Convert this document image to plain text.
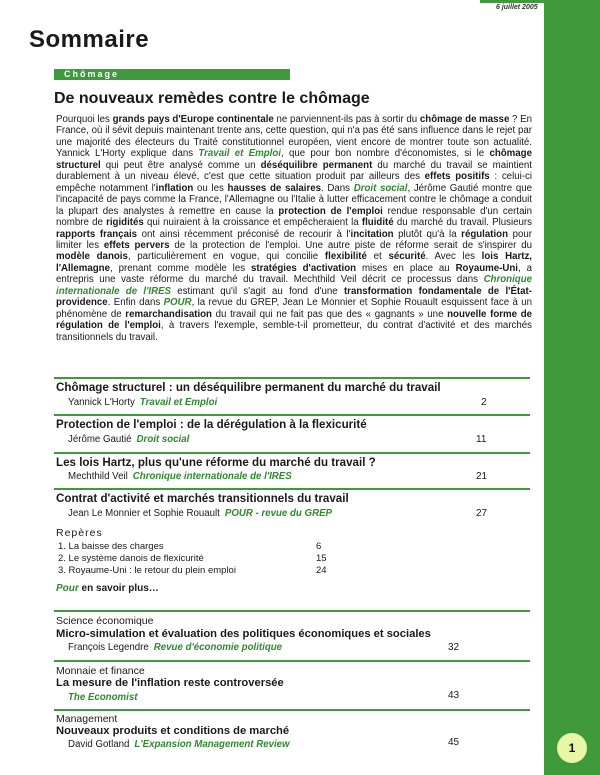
6 juillet 2005
Sommaire
Chômage
De nouveaux remèdes contre le chômage

Pourquoi les grands pays d'Europe continentale ne parviennent-ils pas à sortir du chômage de masse ? En France, où il sévit depuis maintenant trente ans, cette question, qui n'a pas été sans influence dans le rejet par une majorité des électeurs du Traité constitutionnel européen, vient encore de montrer toute son actualité. Yannick L'Horty explique dans Travail et Emploi, que pour bon nombre d'économistes, si le chômage structurel qui peut être analysé comme un déséquilibre permanent du marché du travail se maintient durablement à un niveau élevé, c'est que cette situation produit par ailleurs des effets positifs : celui-ci empêche notamment l'inflation ou les hausses de salaires. Dans Droit social, Jérôme Gautié montre que l'incapacité de pays comme la France, l'Allemagne ou l'Italie à lutter efficacement contre le chômage a conduit la plupart des analystes à remettre en cause la protection de l'emploi rendue responsable d'un certain nombre de rigidités qui nuiraient à la croissance et empêcheraient la fluidité du marché du travail. Plusieurs rapports français ont ainsi récemment préconisé de recourir à l'incitation plutôt qu'à la régulation pour limiter les effets pervers de la protection de l'emploi. Une autre piste de réforme serait de s'inspirer du modèle danois, particulièrement en vogue, qui concilie flexibilité et sécurité. Avec les lois Hartz, l'Allemagne, prenant comme modèle les stratégies d'activation mises en place au Royaume-Uni, a entrepris une vaste réforme du marché du travail. Mechthild Veil décrit ce processus dans Chronique internationale de l'IRES estimant qu'il s'agit au fond d'une transformation fondamentale de l'État-providence. Enfin dans POUR, la revue du GREP, Jean Le Monnier et Sophie Rouault esquissent face à un phénomène de remarchandisation du travail qui ne fait pas que des « gagnants » une nouvelle forme de régulation de l'emploi, à travers l'exemple, semble-t-il prometteur, du contrat d'activité et des marchés transitionnels du travail.

Chômage structurel : un déséquilibre permanent du marché du travail
Yannick L'Horty Travail et Emploi	2
Protection de l'emploi : de la dérégulation à la flexicurité
Jérôme Gautié Droit social	11
Les lois Hartz, plus qu'une réforme du marché du travail ?
Mechthild Veil Chronique internationale de l'IRES	21
Contrat d'activité et marchés transitionnels du travail
Jean Le Monnier et Sophie Rouault POUR - revue du GREP	27
Repères
1. La baisse des charges	6
2. Le système danois de flexicurité	15
3. Royaume-Uni : le retour du plein emploi	24
Pour en savoir plus…
Science économique
Micro-simulation et évaluation des politiques économiques et sociales
François Legendre Revue d'économie politique	32
Monnaie et finance
La mesure de l'inflation reste controversée
The Economist	43
Management
Nouveaux produits et conditions de marché
David Gotland L'Expansion Management Review	45	1
